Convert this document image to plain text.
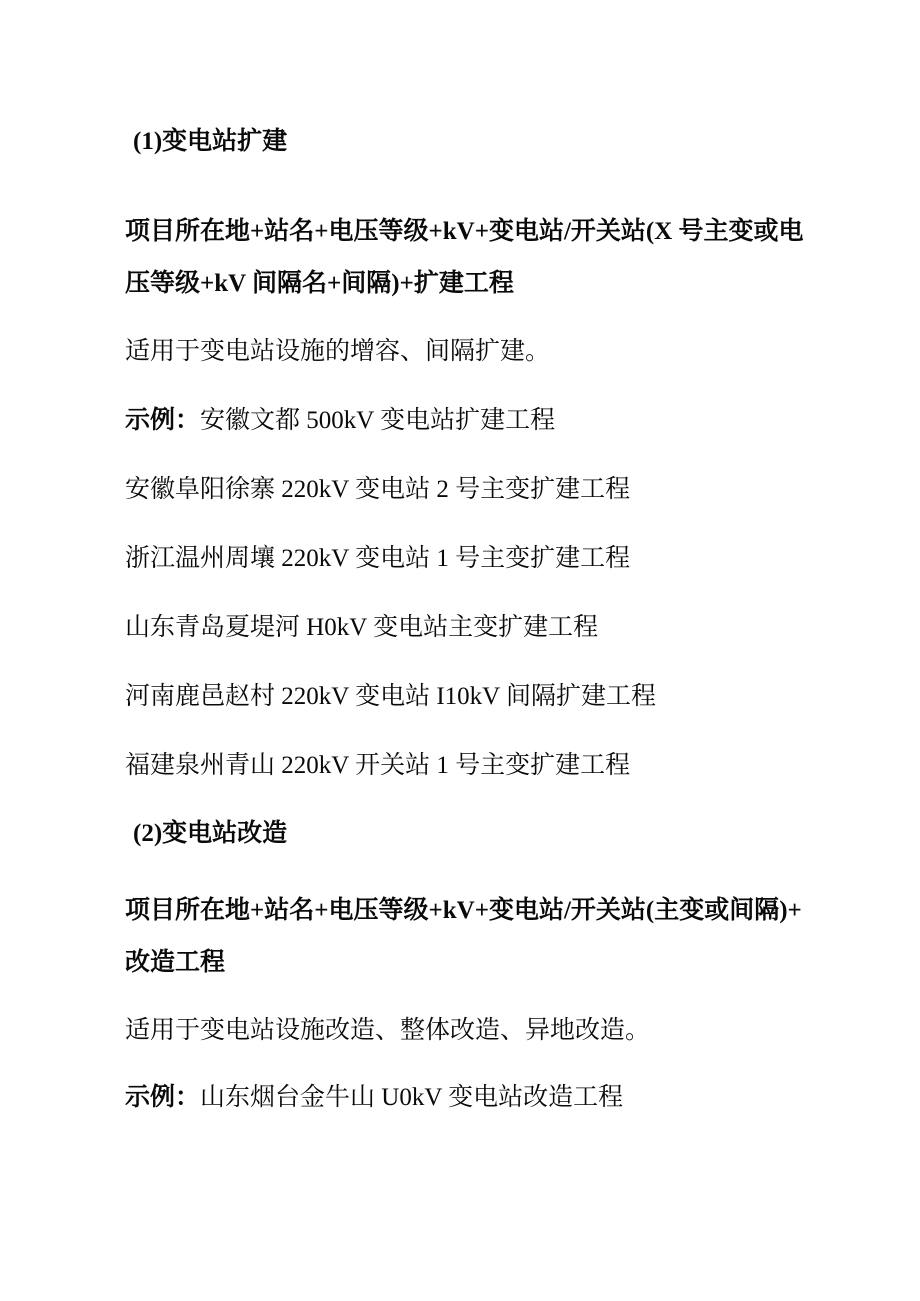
(1)变电站扩建
项目所在地+站名+电压等级+kV+变电站/开关站(X 号主变或电
压等级+kV 间隔名+间隔)+扩建工程
适用于变电站设施的增容、间隔扩建。
示例：安徽文都 500kV 变电站扩建工程
安徽阜阳徐寨 220kV 变电站 2 号主变扩建工程
浙江温州周壤 220kV 变电站 1 号主变扩建工程
山东青岛夏堤河 H0kV 变电站主变扩建工程
河南鹿邑赵村 220kV 变电站 I10kV 间隔扩建工程
福建泉州青山 220kV 开关站 1 号主变扩建工程
(2)变电站改造
项目所在地+站名+电压等级+kV+变电站/开关站(主变或间隔)+
改造工程
适用于变电站设施改造、整体改造、异地改造。
示例：山东烟台金牛山 U0kV 变电站改造工程
